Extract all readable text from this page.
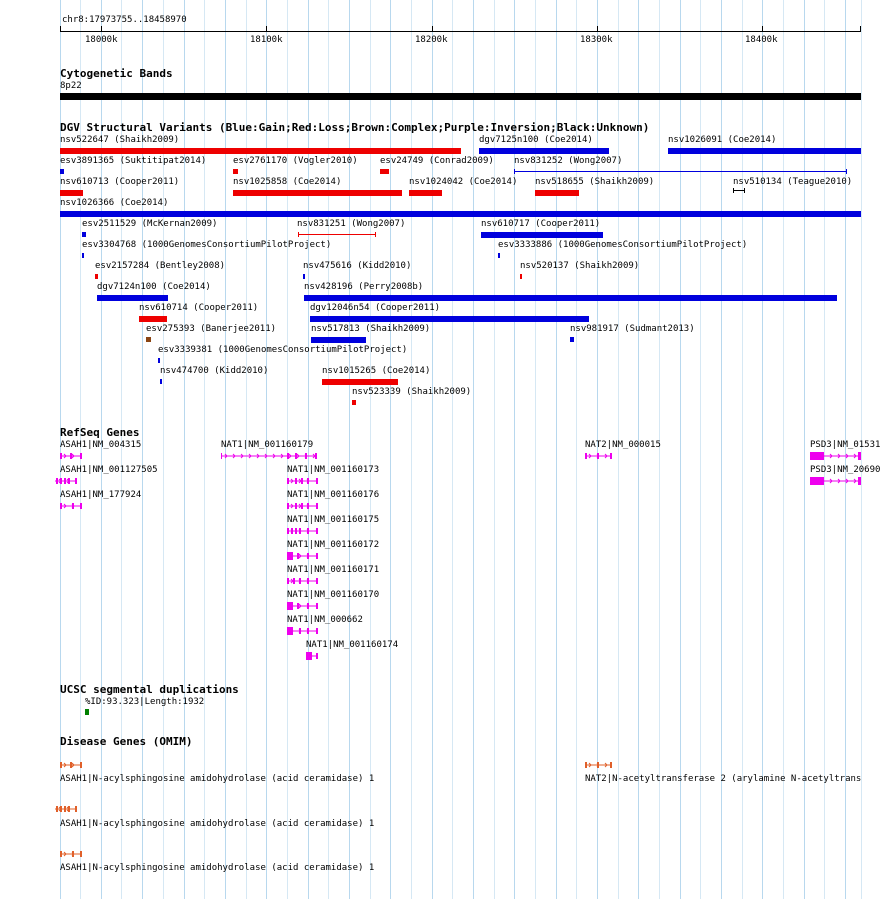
chr8:17973755..18458970
18000k	18100k	18200k	18300k	18400k
Cytogenetic Bands
8p22
DGV Structural Variants (Blue:Gain;Red:Loss;Brown:Complex;Purple:Inversion;Black:Unknown)
nsv522647 (Shaikh2009)	dgv7125n100 (Coe2014)	nsv1026091 (Coe2014)
esv3891365 (Suktitipat2014)	esv2761170 (Vogler2010) esv24749 (Conrad2009) nsv831252 (Wong2007)
nsv610713 (Cooper2011)	nsv1025858 (Coe2014)	nsv1024042 (Coe2014) nsv518655 (Shaikh2009)	nsv510134 (Teague2010)
nsv1026366 (Coe2014)
esv2511529 (McKernan2009)	nsv831251 (Wong2007)	nsv610717 (Cooper2011)
esv3304768 (1000GenomesConsortiumPilotProject)	esv3333886 (1000GenomesConsortiumPilotProject)
esv2157284 (Bentley2008)	nsv475616 (Kidd2010)	nsv520137 (Shaikh2009)
dgv7124n100 (Coe2014)	nsv428196 (Perry2008b)
nsv610714 (Cooper2011)	dgv12046n54 (Cooper2011)
esv275393 (Banerjee2011)	nsv517813 (Shaikh2009)	nsv981917 (Sudmant2013)
esv3339381 (1000GenomesConsortiumPilotProject)
nsv474700 (Kidd2010)	nsv1015265 (Coe2014)
nsv523339 (Shaikh2009)
RefSeq Genes
ASAH1|NM_004315	NAT1|NM_001160179	NAT2|NM_000015	PSD3|NM_01531
ASAH1|NM_001127505	NAT1|NM_001160173	PSD3|NM_20690
ASAH1|NM_177924	NAT1|NM_001160176
NAT1|NM_001160175
NAT1|NM_001160172
NAT1|NM_001160171
NAT1|NM_001160170
NAT1|NM_000662
NAT1|NM_001160174
UCSC segmental duplications
%ID:93.323|Length:1932
Disease Genes (OMIM)
ASAH1|N-acylsphingosine amidohydrolase (acid ceramidase) 1	NAT2|N-acetyltransferase 2 (arylamine N-acetyltrans
ASAH1|N-acylsphingosine amidohydrolase (acid ceramidase) 1
ASAH1|N-acylsphingosine amidohydrolase (acid ceramidase) 1
